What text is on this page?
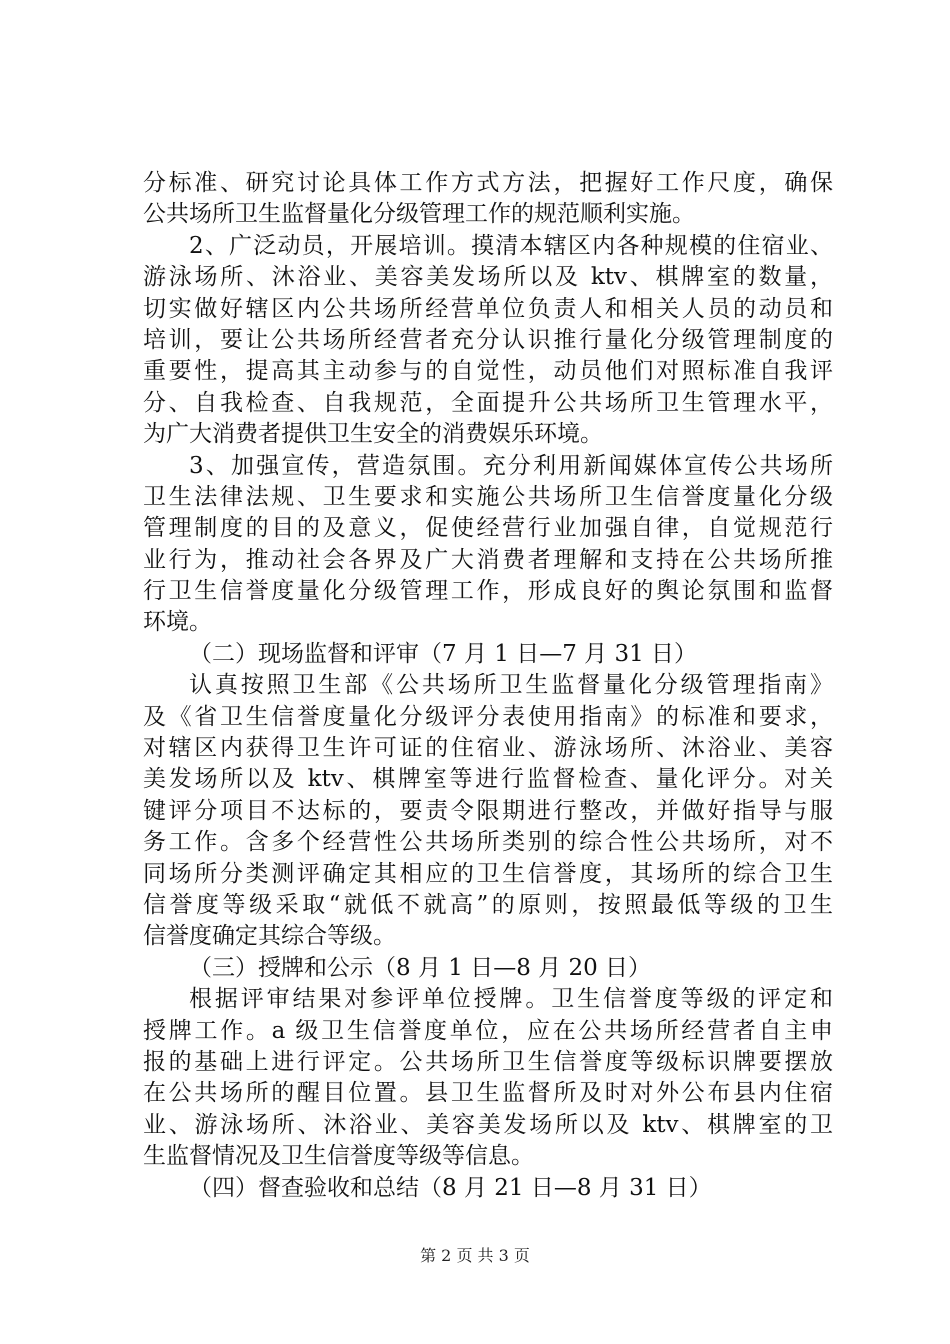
分标准、研究讨论具体工作方式方法，把握好工作尺度，确保
公共场所卫生监督量化分级管理工作的规范顺利实施。
2、广泛动员，开展培训。摸清本辖区内各种规模的住宿业、
游泳场所、沐浴业、美容美发场所以及 ktv、棋牌室的数量，
切实做好辖区内公共场所经营单位负责人和相关人员的动员和
培训，要让公共场所经营者充分认识推行量化分级管理制度的
重要性，提高其主动参与的自觉性，动员他们对照标准自我评
分、自我检查、自我规范，全面提升公共场所卫生管理水平，
为广大消费者提供卫生安全的消费娱乐环境。
3、加强宣传，营造氛围。充分利用新闻媒体宣传公共场所
卫生法律法规、卫生要求和实施公共场所卫生信誉度量化分级
管理制度的目的及意义，促使经营行业加强自律，自觉规范行
业行为，推动社会各界及广大消费者理解和支持在公共场所推
行卫生信誉度量化分级管理工作，形成良好的舆论氛围和监督
环境。
（二）现场监督和评审（7 月 1 日—7 月 31 日）
认真按照卫生部《公共场所卫生监督量化分级管理指南》
及《省卫生信誉度量化分级评分表使用指南》的标准和要求，
对辖区内获得卫生许可证的住宿业、游泳场所、沐浴业、美容
美发场所以及 ktv、棋牌室等进行监督检查、量化评分。对关
键评分项目不达标的，要责令限期进行整改，并做好指导与服
务工作。含多个经营性公共场所类别的综合性公共场所，对不
同场所分类测评确定其相应的卫生信誉度，其场所的综合卫生
信誉度等级采取“就低不就高”的原则，按照最低等级的卫生
信誉度确定其综合等级。
（三）授牌和公示（8 月 1 日—8 月 20 日）
根据评审结果对参评单位授牌。卫生信誉度等级的评定和
授牌工作。a 级卫生信誉度单位，应在公共场所经营者自主申
报的基础上进行评定。公共场所卫生信誉度等级标识牌要摆放
在公共场所的醒目位置。县卫生监督所及时对外公布县内住宿
业、游泳场所、沐浴业、美容美发场所以及 ktv、棋牌室的卫
生监督情况及卫生信誉度等级等信息。
（四）督查验收和总结（8 月 21 日—8 月 31 日）
第 2 页 共 3 页
